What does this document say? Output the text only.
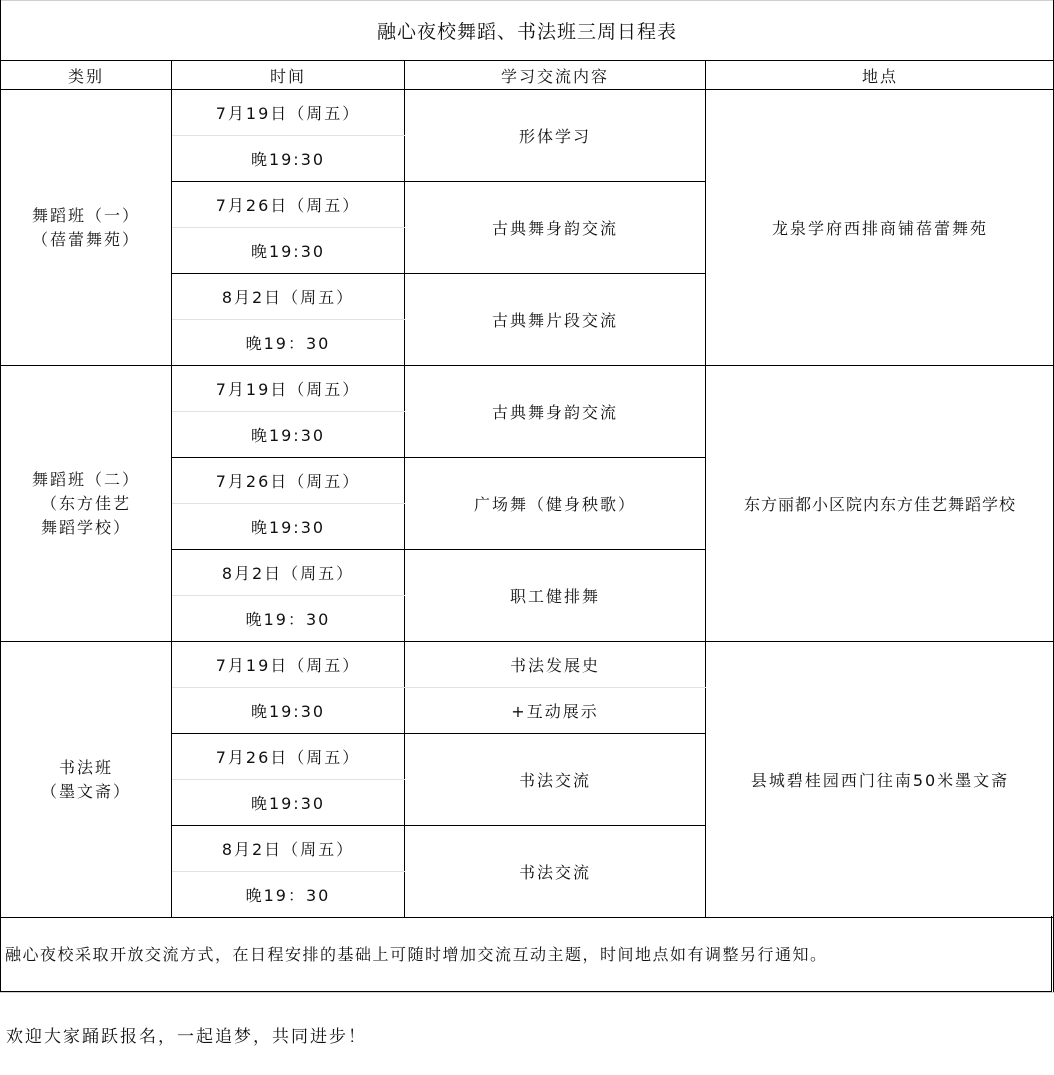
融心夜校舞蹈、书法班三周日程表
类别	时间	学习交流内容	地点

舞蹈班（一）
（蓓蕾舞苑）	7月19日（周五）	形体学习	龙泉学府西排商铺蓓蕾舞苑
	晚19:30		
	7月26日（周五）	古典舞身韵交流	
	晚19:30		
	8月2日（周五）	古典舞片段交流	
	晚19：30		

舞蹈班（二）
（东方佳艺
舞蹈学校）	7月19日（周五）	古典舞身韵交流	东方丽都小区院内东方佳艺舞蹈学校
	晚19:30		
	7月26日（周五）	广场舞（健身秧歌）	
	晚19:30		
	8月2日（周五）	职工健排舞	
	晚19：30		

书法班
（墨文斋）	7月19日（周五）	书法发展史	县城碧桂园西门往南50米墨文斋
	晚19:30	+互动展示	
	7月26日（周五）	书法交流	
	晚19:30		
	8月2日（周五）	书法交流	
	晚19：30		
融心夜校采取开放交流方式，在日程安排的基础上可随时增加交流互动主题，时间地点如有调整另行通知。
欢迎大家踊跃报名，一起追梦，共同进步！
